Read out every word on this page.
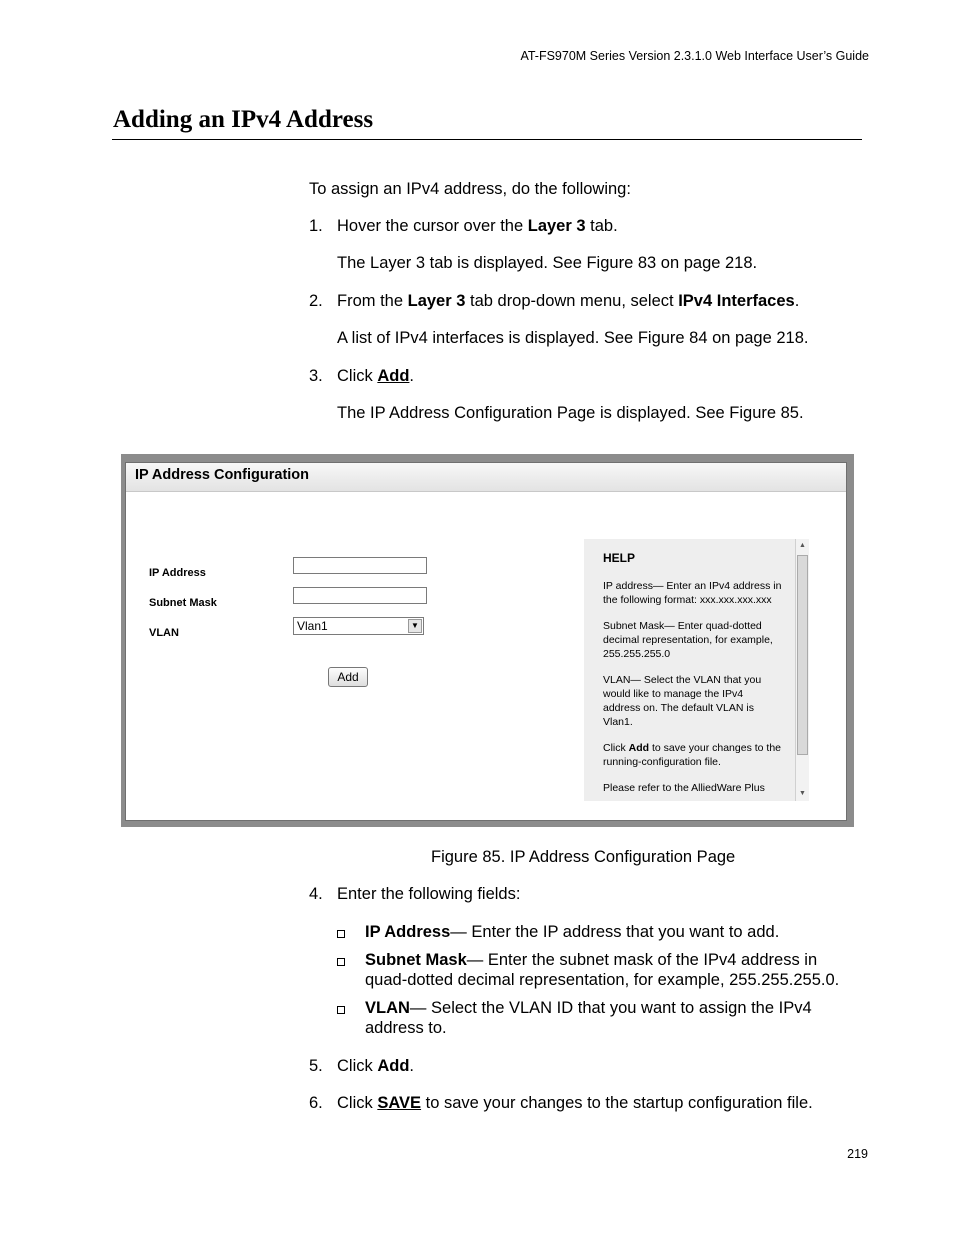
AT-FS970M Series Version 2.3.1.0 Web Interface User’s Guide
Adding an IPv4 Address
To assign an IPv4 address, do the following:
1. Hover the cursor over the Layer 3 tab.
The Layer 3 tab is displayed. See Figure 83 on page 218.
2. From the Layer 3 tab drop-down menu, select IPv4 Interfaces.
A list of IPv4 interfaces is displayed. See Figure 84 on page 218.
3. Click Add.
The IP Address Configuration Page is displayed. See Figure 85.
IP Address Configuration
IP Address
Subnet Mask
VLAN	Vlan1	▼
Add
HELP

IP address— Enter an IPv4 address in the following format: xxx.xxx.xxx.xxx

Subnet Mask— Enter quad-dotted decimal representation, for example, 255.255.255.0

VLAN— Select the VLAN that you would like to manage the IPv4 address on. The default VLAN is Vlan1.

Click Add to save your changes to the running-configuration file.

Please refer to the AlliedWare Plus

▲
▼
Figure 85. IP Address Configuration Page
4. Enter the following fields:
IP Address— Enter the IP address that you want to add.
Subnet Mask— Enter the subnet mask of the IPv4 address in
quad-dotted decimal representation, for example, 255.255.255.0.
VLAN— Select the VLAN ID that you want to assign the IPv4
address to.
5. Click Add.
6. Click SAVE to save your changes to the startup configuration file.
219
